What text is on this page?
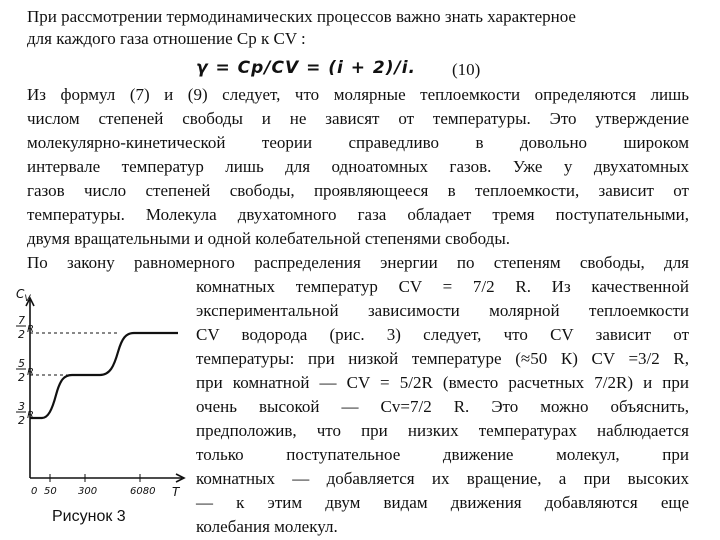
При рассмотрении термодинамических процессов важно знать характерное
для каждого газа отношение Cp к CV :
γ = Cp/CV = (i + 2)/i. (10)
Из формул (7) и (9) следует, что молярные теплоемкости определяются лишь
числом степеней свободы и не зависят от температуры. Это утверждение
молекулярно-кинетической теории справедливо в довольно широком
интервале температур лишь для одноатомных газов. Уже у двухатомных
газов число степеней свободы, проявляющееся в теплоемкости, зависит от
температуры. Молекула двухатомного газа обладает тремя поступательными,
двумя вращательными и одной колебательной степенями свободы.
По закону равномерного распределения энергии по степеням свободы, для
комнатных температур CV = 7/2 R. Из качественной
экспериментальной зависимости молярной теплоемкости
CV водорода (рис. 3) следует, что CV зависит от
температуры: при низкой температуре (≈50 К) CV =3/2 R,
при комнатной — CV = 5/2R (вместо расчетных 7/2R) и при
очень высокой — Cv=7/2 R. Это можно объяснить,
предположив, что при низких температурах наблюдается
только поступательное движение молекул, при
комнатных — добавляется их вращение, а при высоких
— к этим двум видам движения добавляются еще
колебания молекул.
$C_V$
7
2 R
5
2 R
3
2 R
0 50 300	6080 T
Рисунок 3
